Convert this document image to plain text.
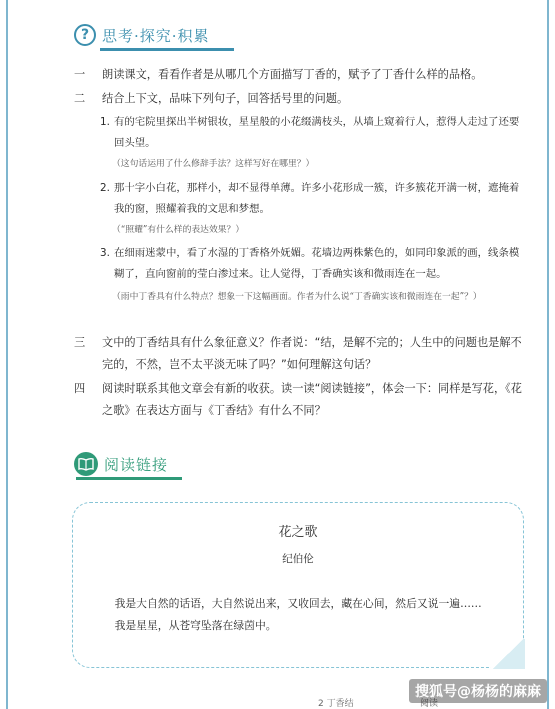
? 思考·探究·积累
一	朗读课文，看看作者是从哪几个方面描写丁香的，赋予了丁香什么样的品格。
二	结合上下文，品味下列句子，回答括号里的问题。
1. 有的宅院里探出半树银妆，星星般的小花缀满枝头，从墙上窥着行人，惹得人走过了还要回头望。
（这句话运用了什么修辞手法？这样写好在哪里？）
2. 那十字小白花，那样小，却不显得单薄。许多小花形成一簇，许多簇花开满一树，遮掩着我的窗，照耀着我的文思和梦想。
（“照耀”有什么样的表达效果？）
3. 在细雨迷蒙中，看了水湿的丁香格外妩媚。花墙边两株紫色的，如同印象派的画，线条模糊了，直向窗前的莹白渗过来。让人觉得，丁香确实该和微雨连在一起。
（雨中丁香具有什么特点？想象一下这幅画面。作者为什么说“丁香确实该和微雨连在一起”？）
三	文中的丁香结具有什么象征意义？作者说：“结，是解不完的；人生中的问题也是解不完的，不然，岂不太平淡无味了吗？”如何理解这句话？
四	阅读时联系其他文章会有新的收获。读一读“阅读链接”，体会一下：同样是写花，《花之歌》在表达方面与《丁香结》有什么不同？
阅读链接
花之歌
纪伯伦

我是大自然的话语，大自然说出来，又收回去，藏在心间，然后又说一遍……

我是星星，从苍穹坠落在绿茵中。

2 丁香结	阅读
搜狐号@杨杨的麻麻
